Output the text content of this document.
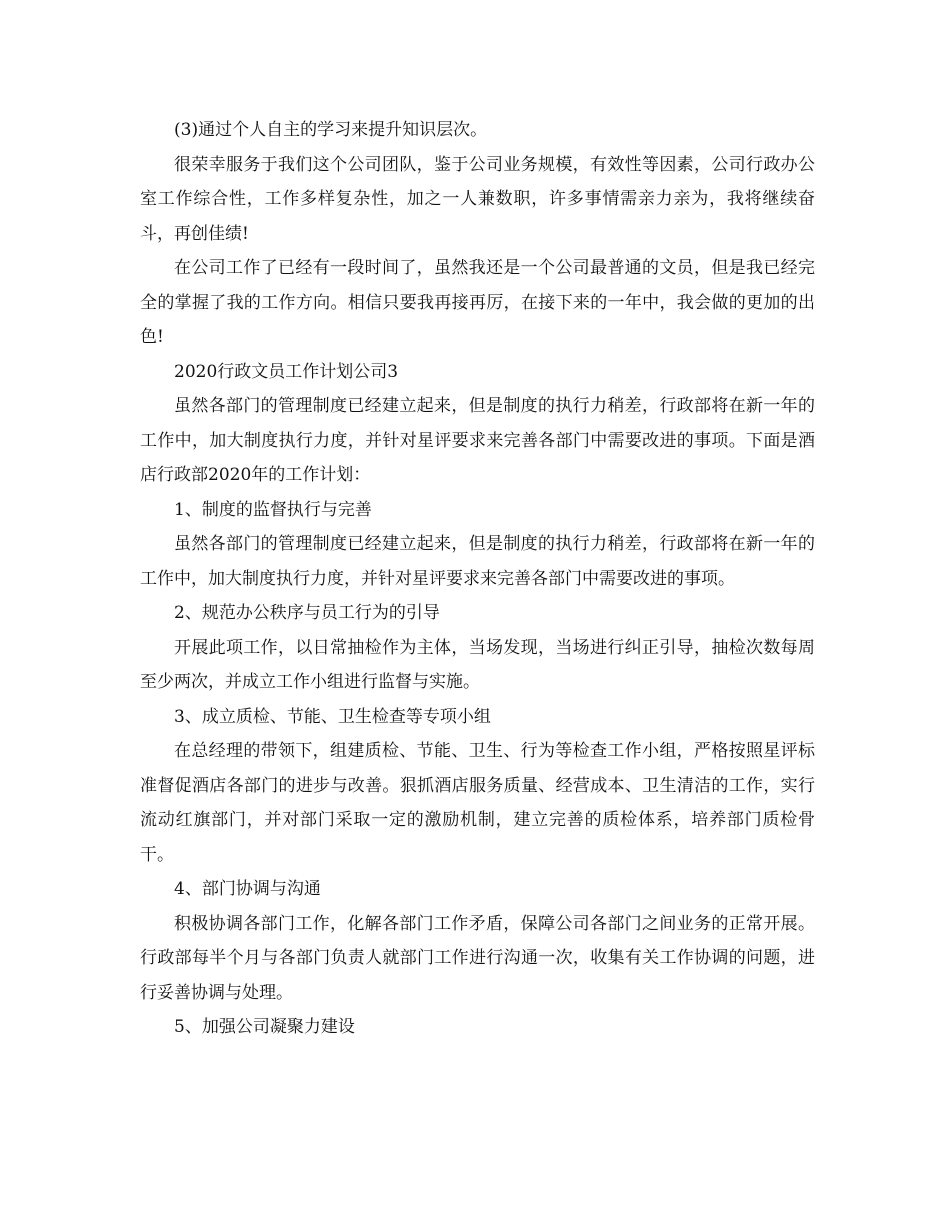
(3)通过个人自主的学习来提升知识层次。

很荣幸服务于我们这个公司团队，鉴于公司业务规模，有效性等因素，公司行政办公室工作综合性，工作多样复杂性，加之一人兼数职，许多事情需亲力亲为，我将继续奋斗，再创佳绩!

在公司工作了已经有一段时间了，虽然我还是一个公司最普通的文员，但是我已经完全的掌握了我的工作方向。相信只要我再接再厉，在接下来的一年中，我会做的更加的出色!

2020行政文员工作计划公司3

虽然各部门的管理制度已经建立起来，但是制度的执行力稍差，行政部将在新一年的工作中，加大制度执行力度，并针对星评要求来完善各部门中需要改进的事项。下面是酒店行政部2020年的工作计划：

1、制度的监督执行与完善

虽然各部门的管理制度已经建立起来，但是制度的执行力稍差，行政部将在新一年的工作中，加大制度执行力度，并针对星评要求来完善各部门中需要改进的事项。

2、规范办公秩序与员工行为的引导

开展此项工作，以日常抽检作为主体，当场发现，当场进行纠正引导，抽检次数每周至少两次，并成立工作小组进行监督与实施。

3、成立质检、节能、卫生检查等专项小组

在总经理的带领下，组建质检、节能、卫生、行为等检查工作小组，严格按照星评标准督促酒店各部门的进步与改善。狠抓酒店服务质量、经营成本、卫生清洁的工作，实行流动红旗部门，并对部门采取一定的激励机制，建立完善的质检体系，培养部门质检骨干。

4、部门协调与沟通

积极协调各部门工作，化解各部门工作矛盾，保障公司各部门之间业务的正常开展。行政部每半个月与各部门负责人就部门工作进行沟通一次，收集有关工作协调的问题，进行妥善协调与处理。

5、加强公司凝聚力建设
